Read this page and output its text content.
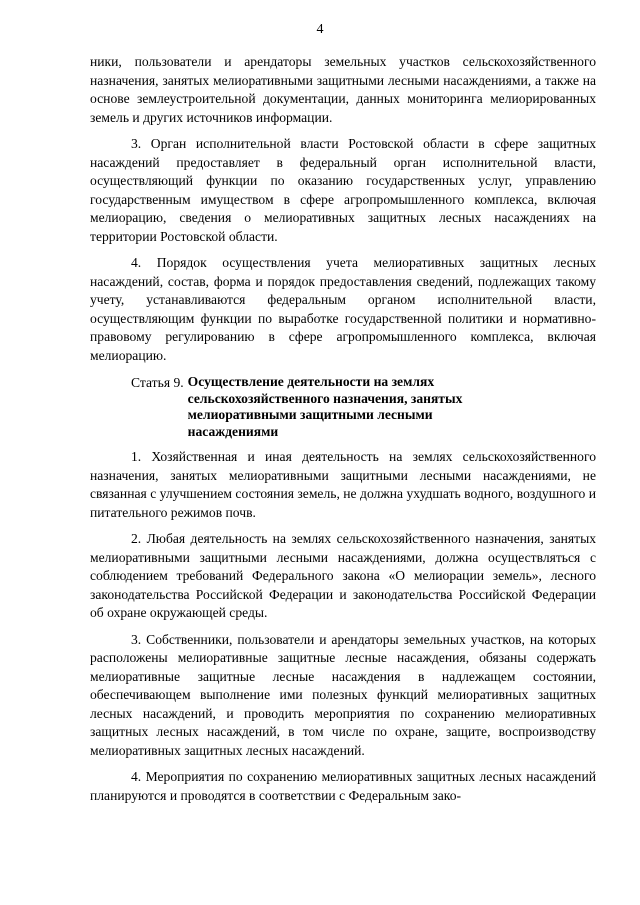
4

ники, пользователи и арендаторы земельных участков сельскохозяйственного назначения, занятых мелиоративными защитными лесными насаждениями, а также на основе землеустроительной документации, данных мониторинга мелиорированных земель и других источников информации.

3. Орган исполнительной власти Ростовской области в сфере защитных насаждений предоставляет в федеральный орган исполнительной власти, осуществляющий функции по оказанию государственных услуг, управлению государственным имуществом в сфере агропромышленного комплекса, включая мелиорацию, сведения о мелиоративных защитных лесных насаждениях на территории Ростовской области.

4. Порядок осуществления учета мелиоративных защитных лесных насаждений, состав, форма и порядок предоставления сведений, подлежащих такому учету, устанавливаются федеральным органом исполнительной власти, осуществляющим функции по выработке государственной политики и нормативно-правовому регулированию в сфере агропромышленного комплекса, включая мелиорацию.

Статья 9. Осуществление деятельности на землях сельскохозяйственного назначения, занятых мелиоративными защитными лесными насаждениями

1. Хозяйственная и иная деятельность на землях сельскохозяйственного назначения, занятых мелиоративными защитными лесными насаждениями, не связанная с улучшением состояния земель, не должна ухудшать водного, воздушного и питательного режимов почв.

2. Любая деятельность на землях сельскохозяйственного назначения, занятых мелиоративными защитными лесными насаждениями, должна осуществляться с соблюдением требований Федерального закона «О мелиорации земель», лесного законодательства Российской Федерации и законодательства Российской Федерации об охране окружающей среды.

3. Собственники, пользователи и арендаторы земельных участков, на которых расположены мелиоративные защитные лесные насаждения, обязаны содержать мелиоративные защитные лесные насаждения в надлежащем состоянии, обеспечивающем выполнение ими полезных функций мелиоративных защитных лесных насаждений, и проводить мероприятия по сохранению мелиоративных защитных лесных насаждений, в том числе по охране, защите, воспроизводству мелиоративных защитных лесных насаждений.

4. Мероприятия по сохранению мелиоративных защитных лесных насаждений планируются и проводятся в соответствии с Федеральным зако-
